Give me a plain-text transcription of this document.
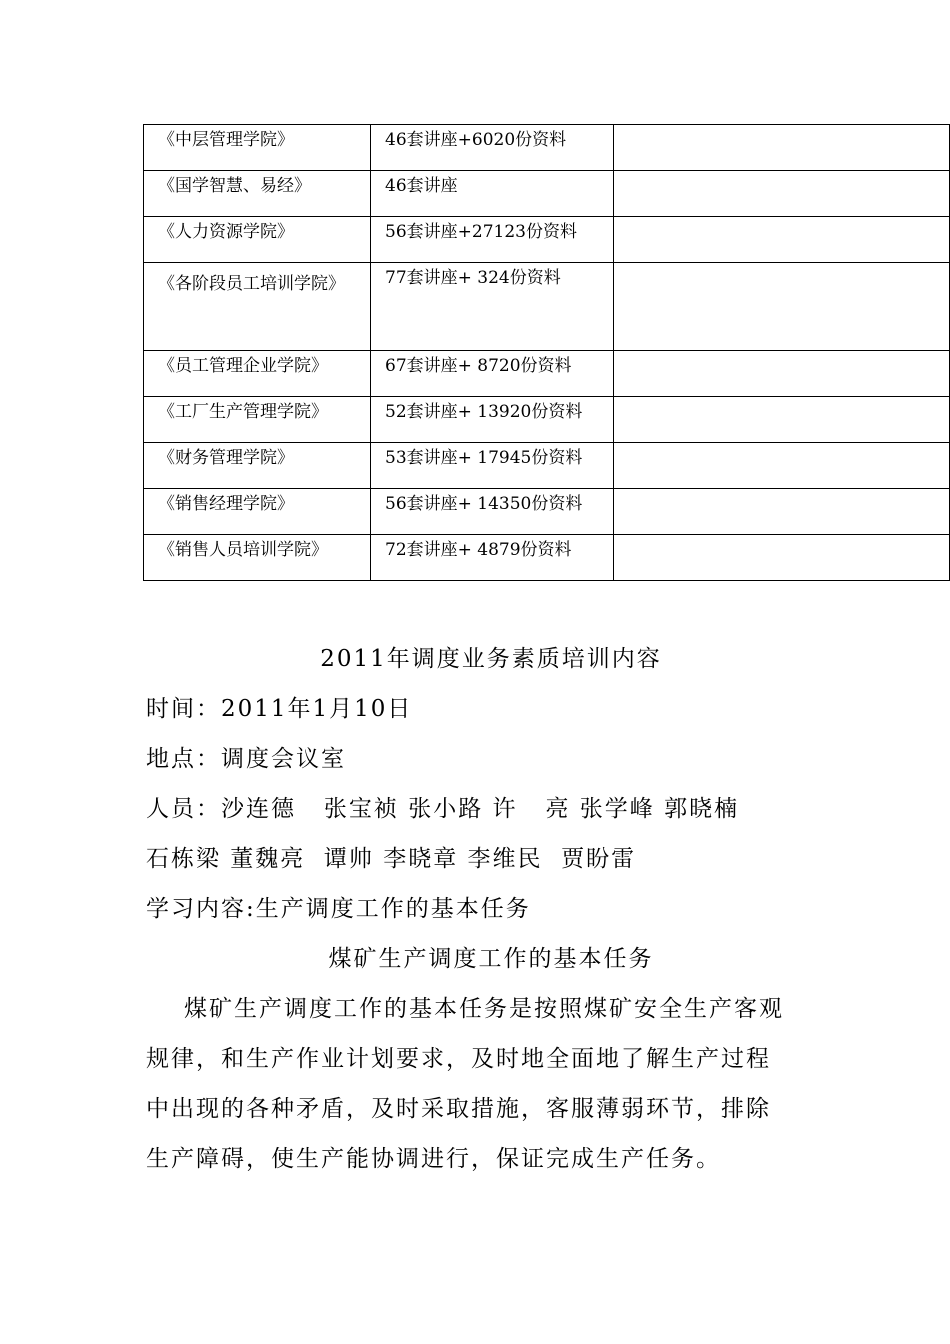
《中层管理学院》	46套讲座+6020份资料	
《国学智慧、易经》	46套讲座	
《人力资源学院》	56套讲座+27123份资料	
《各阶段员工培训学院》	77套讲座+ 324份资料	
《员工管理企业学院》	67套讲座+ 8720份资料	
《工厂生产管理学院》	52套讲座+ 13920份资料	
《财务管理学院》	53套讲座+ 17945份资料	
《销售经理学院》	56套讲座+ 14350份资料	
《销售人员培训学院》	72套讲座+ 4879份资料	
2011年调度业务素质培训内容
时间：2011年1月10日
地点：调度会议室
人员：沙连德   张宝祯 张小路 许   亮 张学峰 郭晓楠
石栋梁 董魏亮  谭帅 李晓章 李维民  贾盼雷
学习内容:生产调度工作的基本任务
煤矿生产调度工作的基本任务
煤矿生产调度工作的基本任务是按照煤矿安全生产客观
规律，和生产作业计划要求，及时地全面地了解生产过程
中出现的各种矛盾，及时采取措施，客服薄弱环节，排除
生产障碍，使生产能协调进行，保证完成生产任务。
